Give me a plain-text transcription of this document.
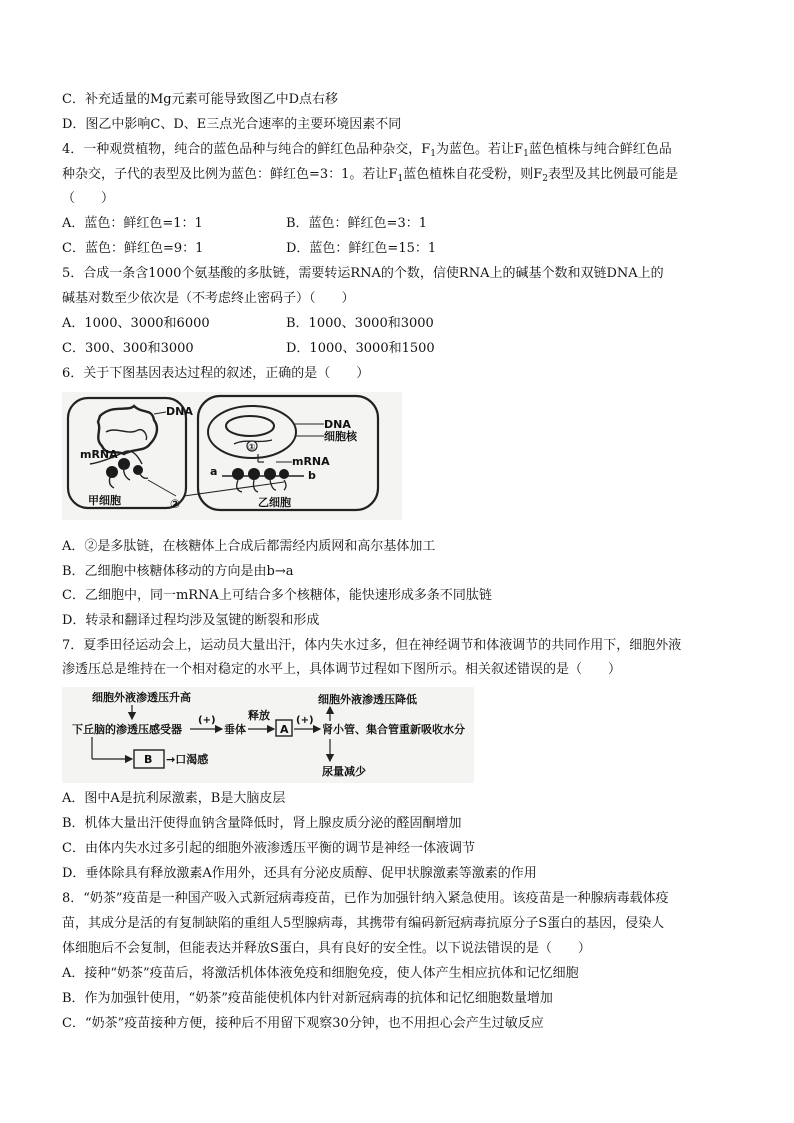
C．补充适量的Mg元素可能导致图乙中D点右移
D．图乙中影响C、D、E三点光合速率的主要环境因素不同
4．一种观赏植物，纯合的蓝色品种与纯合的鲜红色品种杂交，$F_1$为蓝色。若让$F_1$蓝色植株与纯合鲜红色品
种杂交，子代的表型及比例为蓝色：鲜红色=3：1。若让$F_1$蓝色植株自花受粉，则$F_2$表型及其比例最可能是
（　　）
A．蓝色：鲜红色=1：1	B．蓝色：鲜红色=3：1
C．蓝色：鲜红色=9：1	D．蓝色：鲜红色=15：1
5．合成一条含1000个氨基酸的多肽链，需要转运RNA的个数，信使RNA上的碱基个数和双链DNA上的
碱基对数至少依次是（不考虑终止密码子）（　　）
A．1000、3000和6000	B．1000、3000和3000
C．300、300和3000	D．1000、3000和1500
6．关于下图基因表达过程的叙述，正确的是（　　）
DNA
mRNA
甲细胞	②
①
a	b
DNA
细胞核
mRNA
乙细胞
A．②是多肽链，在核糖体上合成后都需经内质网和高尔基体加工
B．乙细胞中核糖体移动的方向是由b→a
C．乙细胞中，同一mRNA上可结合多个核糖体，能快速形成多条不同肽链
D．转录和翻译过程均涉及氢键的断裂和形成
7．夏季田径运动会上，运动员大量出汗，体内失水过多，但在神经调节和体液调节的共同作用下，细胞外液
渗透压总是维持在一个相对稳定的水平上，具体调节过程如下图所示。相关叙述错误的是（　　）
细胞外液渗透压升高
下丘脑的渗透压感受器
(+)
垂体
释放
A
(+)
肾小管、集合管重新吸收水分
细胞外液渗透压降低
尿量减少
B →口渴感
A．图中A是抗利尿激素，B是大脑皮层
B．机体大量出汗使得血钠含量降低时，肾上腺皮质分泌的醛固酮增加
C．由体内失水过多引起的细胞外液渗透压平衡的调节是神经一体液调节
D．垂体除具有释放激素A作用外，还具有分泌皮质醇、促甲状腺激素等激素的作用
8．“奶茶”疫苗是一种国产吸入式新冠病毒疫苗，已作为加强针纳入紧急使用。该疫苗是一种腺病毒载体疫
苗，其成分是活的有复制缺陷的重组人5型腺病毒，其携带有编码新冠病毒抗原分子S蛋白的基因，侵染人
体细胞后不会复制，但能表达并释放S蛋白，具有良好的安全性。以下说法错误的是（　　）
A．接种“奶茶”疫苗后，将激活机体体液免疫和细胞免疫，使人体产生相应抗体和记忆细胞
B．作为加强针使用，“奶茶”疫苗能使机体内针对新冠病毒的抗体和记忆细胞数量增加
C．“奶茶”疫苗接种方便，接种后不用留下观察30分钟，也不用担心会产生过敏反应
